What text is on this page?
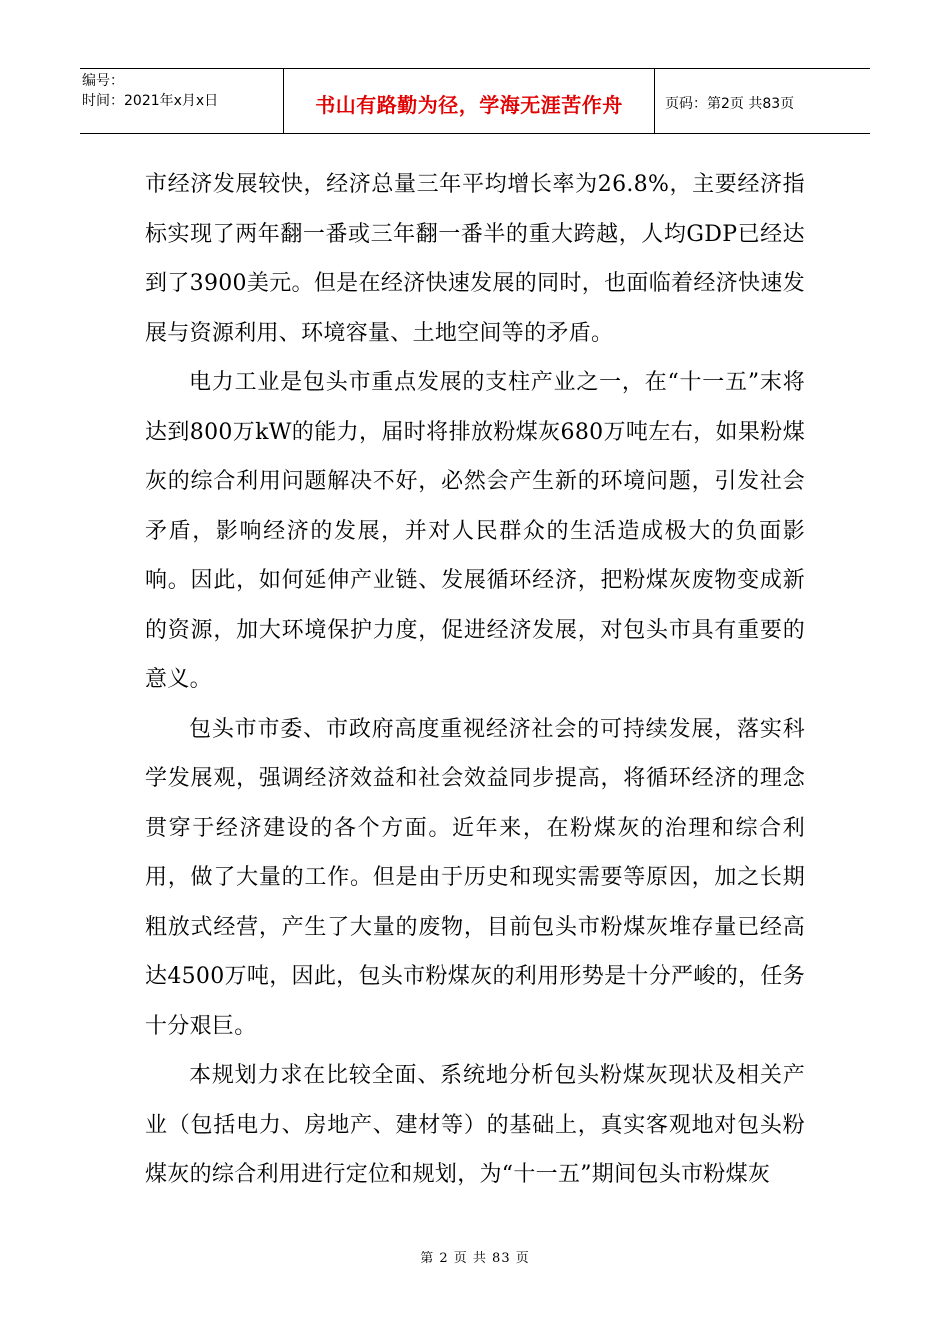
编号：
时间：2021年x月x日	书山有路勤为径，学海无涯苦作舟	页码：第2页 共83页

市经济发展较快，经济总量三年平均增长率为26.8%，主要经济指标实现了两年翻一番或三年翻一番半的重大跨越，人均GDP已经达到了3900美元。但是在经济快速发展的同时，也面临着经济快速发展与资源利用、环境容量、土地空间等的矛盾。

电力工业是包头市重点发展的支柱产业之一，在“十一五”末将达到800万kW的能力，届时将排放粉煤灰680万吨左右，如果粉煤灰的综合利用问题解决不好，必然会产生新的环境问题，引发社会矛盾，影响经济的发展，并对人民群众的生活造成极大的负面影响。因此，如何延伸产业链、发展循环经济，把粉煤灰废物变成新的资源，加大环境保护力度，促进经济发展，对包头市具有重要的意义。

包头市市委、市政府高度重视经济社会的可持续发展，落实科学发展观，强调经济效益和社会效益同步提高，将循环经济的理念贯穿于经济建设的各个方面。近年来，在粉煤灰的治理和综合利用，做了大量的工作。但是由于历史和现实需要等原因，加之长期粗放式经营，产生了大量的废物，目前包头市粉煤灰堆存量已经高达4500万吨，因此，包头市粉煤灰的利用形势是十分严峻的，任务十分艰巨。

本规划力求在比较全面、系统地分析包头粉煤灰现状及相关产业（包括电力、房地产、建材等）的基础上，真实客观地对包头粉煤灰的综合利用进行定位和规划，为“十一五”期间包头市粉煤灰

第 2 页 共 83 页
